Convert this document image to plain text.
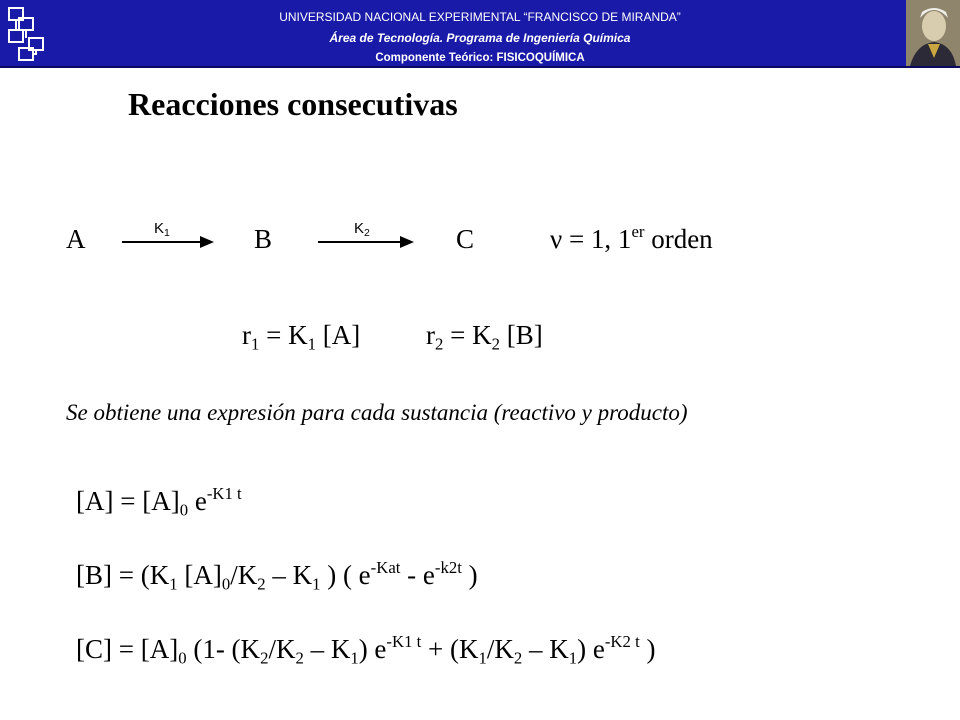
UNIVERSIDAD NACIONAL EXPERIMENTAL “FRANCISCO DE MIRANDA”
Área de Tecnología. Programa de Ingeniería Química
Componente Teórico: FISICOQUÍMICA
Reacciones consecutivas
A	$K_1$	B	$K_2$	C	ν = 1, 1er orden
$r_1 = K_1$ [A] $r_2 = K_2$ [B]
Se obtiene una expresión para cada sustancia (reactivo y producto)
$[A] = [A]_0$ $e^{-K1 t}$
$[B] = (K_1$ $[A]_0/K_2 - K_1$ ) ( $e^{-Kat} - e^{-k2t}$ )
$[C] = [A]_0$ (1- $(K_2/K_2 - K_1) e^{-K1 t} + (K_1/K_2 - K_1)$ $e^{-K2 t}$ )
